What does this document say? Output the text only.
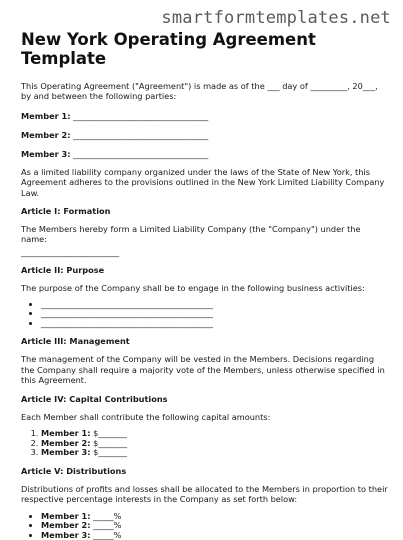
smartformtemplates.net
New York Operating Agreement Template

This Operating Agreement ("Agreement") is made as of the ___ day of _________, 20___, by and between the following parties:

Member 1: _________________________________
Member 2: _________________________________
Member 3: _________________________________

As a limited liability company organized under the laws of the State of New York, this Agreement adheres to the provisions outlined in the New York Limited Liability Company Law.

Article I: Formation

The Members hereby form a Limited Liability Company (the "Company") under the name:

________________________

Article II: Purpose

The purpose of the Company shall be to engage in the following business activities:

• __________________________________________
• __________________________________________
• __________________________________________
Article III: Management

The management of the Company will be vested in the Members. Decisions regarding the Company shall require a majority vote of the Members, unless otherwise specified in this Agreement.

Article IV: Capital Contributions

Each Member shall contribute the following capital amounts:

1. Member 1: $_______
2. Member 2: $_______
3. Member 3: $_______
Article V: Distributions

Distributions of profits and losses shall be allocated to the Members in proportion to their respective percentage interests in the Company as set forth below:

• Member 1: _____%
• Member 2: _____%
• Member 3: _____%
